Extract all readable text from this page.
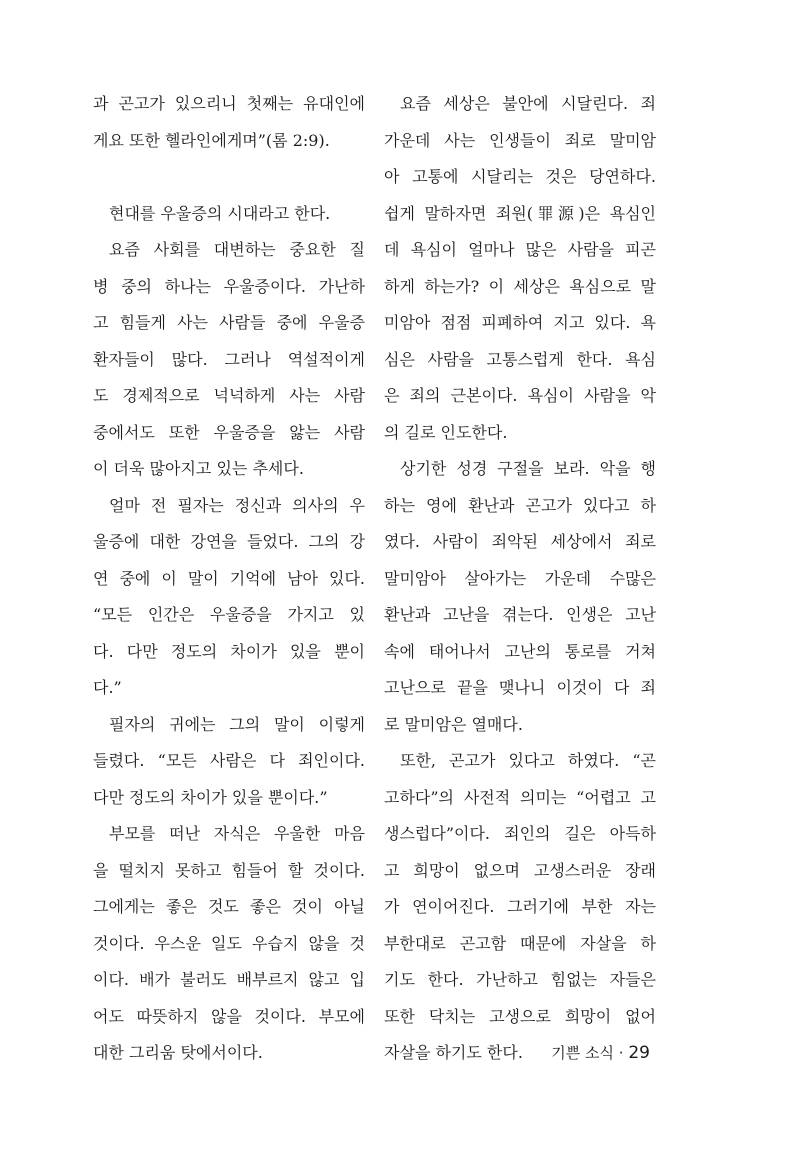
과 곤고가 있으리니 첫째는 유대인에
게요 또한 헬라인에게며”(롬 2:9).
현대를 우울증의 시대라고 한다.
요즘 사회를 대변하는 중요한 질
병 중의 하나는 우울증이다. 가난하
고 힘들게 사는 사람들 중에 우울증
환자들이 많다. 그러나 역설적이게
도 경제적으로 넉넉하게 사는 사람
중에서도 또한 우울증을 앓는 사람
이 더욱 많아지고 있는 추세다.
얼마 전 필자는 정신과 의사의 우
울증에 대한 강연을 들었다. 그의 강
연 중에 이 말이 기억에 남아 있다.
“모든 인간은 우울증을 가지고 있
다. 다만 정도의 차이가 있을 뿐이
다.”
필자의 귀에는 그의 말이 이렇게
들렸다. “모든 사람은 다 죄인이다.
다만 정도의 차이가 있을 뿐이다.”
부모를 떠난 자식은 우울한 마음
을 떨치지 못하고 힘들어 할 것이다.
그에게는 좋은 것도 좋은 것이 아닐
것이다. 우스운 일도 우습지 않을 것
이다. 배가 불러도 배부르지 않고 입
어도 따뜻하지 않을 것이다. 부모에
대한 그리움 탓에서이다.
요즘 세상은 불안에 시달린다. 죄
가운데 사는 인생들이 죄로 말미암
아 고통에 시달리는 것은 당연하다.
쉽게 말하자면 죄원(罪源)은 욕심인
데 욕심이 얼마나 많은 사람을 피곤
하게 하는가? 이 세상은 욕심으로 말
미암아 점점 피폐하여 지고 있다. 욕
심은 사람을 고통스럽게 한다. 욕심
은 죄의 근본이다. 욕심이 사람을 악
의 길로 인도한다.
상기한 성경 구절을 보라. 악을 행
하는 영에 환난과 곤고가 있다고 하
였다. 사람이 죄악된 세상에서 죄로
말미암아 살아가는 가운데 수많은
환난과 고난을 겪는다. 인생은 고난
속에 태어나서 고난의 통로를 거쳐
고난으로 끝을 맺나니 이것이 다 죄
로 말미암은 열매다.
또한, 곤고가 있다고 하였다. “곤
고하다”의 사전적 의미는 “어렵고 고
생스럽다”이다. 죄인의 길은 아득하
고 희망이 없으며 고생스러운 장래
가 연이어진다. 그러기에 부한 자는
부한대로 곤고함 때문에 자살을 하
기도 한다. 가난하고 힘없는 자들은
또한 닥치는 고생으로 희망이 없어
자살을 하기도 한다.	기쁜 소식 · 29
